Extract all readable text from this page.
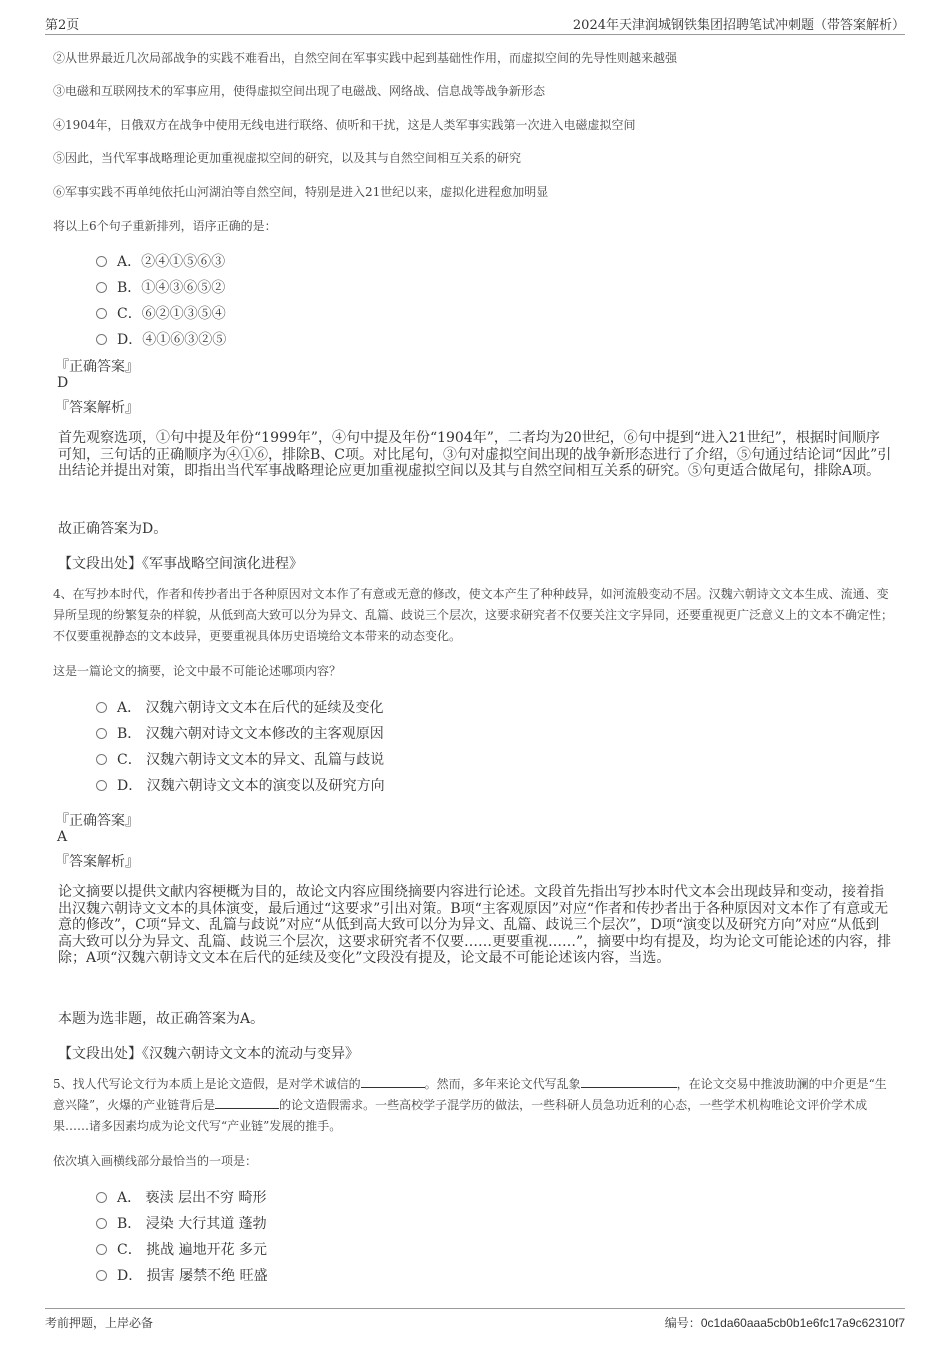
第2页	2024年天津润城钢铁集团招聘笔试冲刺题（带答案解析）
②从世界最近几次局部战争的实践不难看出，自然空间在军事实践中起到基础性作用，而虚拟空间的先导性则越来越强
③电磁和互联网技术的军事应用，使得虚拟空间出现了电磁战、网络战、信息战等战争新形态
④1904年，日俄双方在战争中使用无线电进行联络、侦听和干扰，这是人类军事实践第一次进入电磁虚拟空间
⑤因此，当代军事战略理论更加重视虚拟空间的研究，以及其与自然空间相互关系的研究
⑥军事实践不再单纯依托山河湖泊等自然空间，特别是进入21世纪以来，虚拟化进程愈加明显
将以上6个句子重新排列，语序正确的是：
A．②④①⑤⑥③
B．①④③⑥⑤②
C．⑥②①③⑤④
D．④①⑥③②⑤
『正确答案』
D
『答案解析』

首先观察选项，①句中提及年份“1999年”，④句中提及年份“1904年”，二者均为20世纪，⑥句中提到“进入21世纪”，根据时间顺序可知，三句话的正确顺序为④①⑥，排除B、C项。对比尾句，③句对虚拟空间出现的战争新形态进行了介绍，⑤句通过结论词“因此”引出结论并提出对策，即指出当代军事战略理论应更加重视虚拟空间以及其与自然空间相互关系的研究。⑤句更适合做尾句，排除A项。

故正确答案为D。
【文段出处】《军事战略空间演化进程》

4、在写抄本时代，作者和传抄者出于各种原因对文本作了有意或无意的修改，使文本产生了种种歧异，如河流般变动不居。汉魏六朝诗文文本生成、流通、变异所呈现的纷繁复杂的样貌，从低到高大致可以分为异文、乱篇、歧说三个层次，这要求研究者不仅要关注文字异同，还要重视更广泛意义上的文本不确定性；不仅要重视静态的文本歧异，更要重视具体历史语境给文本带来的动态变化。

这是一篇论文的摘要，论文中最不可能论述哪项内容？
A． 汉魏六朝诗文文本在后代的延续及变化
B． 汉魏六朝对诗文文本修改的主客观原因
C． 汉魏六朝诗文文本的异文、乱篇与歧说
D． 汉魏六朝诗文文本的演变以及研究方向
『正确答案』
A
『答案解析』

论文摘要以提供文献内容梗概为目的，故论文内容应围绕摘要内容进行论述。文段首先指出写抄本时代文本会出现歧异和变动，接着指出汉魏六朝诗文文本的具体演变，最后通过“这要求”引出对策。B项“主客观原因”对应“作者和传抄者出于各种原因对文本作了有意或无意的修改”，C项“异文、乱篇与歧说”对应“从低到高大致可以分为异文、乱篇、歧说三个层次”，D项“演变以及研究方向”对应“从低到高大致可以分为异文、乱篇、歧说三个层次，这要求研究者不仅要……更要重视……”，摘要中均有提及，均为论文可能论述的内容，排除；A项“汉魏六朝诗文文本在后代的延续及变化”文段没有提及，论文最不可能论述该内容，当选。

本题为选非题，故正确答案为A。
【文段出处】《汉魏六朝诗文文本的流动与变异》

5、找人代写论文行为本质上是论文造假，是对学术诚信的	。然而，多年来论文代写乱象	，在论文交易中推波助澜的中介更是“生意兴隆”，火爆的产业链背后是	的论文造假需求。一些高校学子混学历的做法，一些科研人员急功近利的心态，一些学术机构唯论文评价学术成果……诸多因素均成为论文代写“产业链”发展的推手。

依次填入画横线部分最恰当的一项是：
A． 亵渎 层出不穷 畸形
B． 浸染 大行其道 蓬勃
C． 挑战 遍地开花 多元
D． 损害 屡禁不绝 旺盛
考前押题，上岸必备	编号：0c1da60aaa5cb0b1e6fc17a9c62310f7
